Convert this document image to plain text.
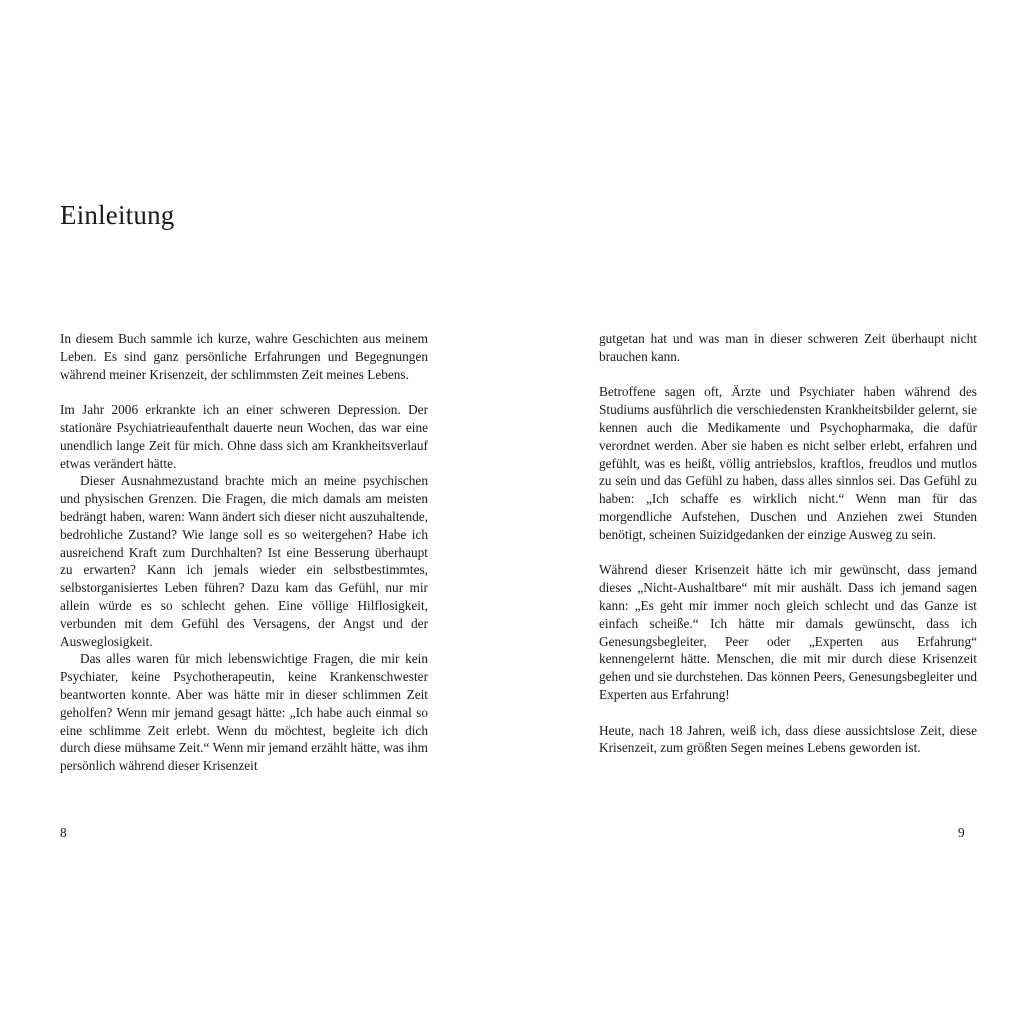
Einleitung

In diesem Buch sammle ich kurze, wahre Geschichten aus meinem Leben. Es sind ganz persönliche Erfahrungen und Begegnungen während meiner Krisenzeit, der schlimmsten Zeit meines Lebens.

Im Jahr 2006 erkrankte ich an einer schweren Depression. Der stationäre Psychiatrieaufenthalt dauerte neun Wochen, das war eine unendlich lange Zeit für mich. Ohne dass sich am Krankheitsverlauf etwas verändert hätte.

Dieser Ausnahmezustand brachte mich an meine psychischen und physischen Grenzen. Die Fragen, die mich damals am meisten bedrängt haben, waren: Wann ändert sich dieser nicht auszuhaltende, bedrohliche Zustand? Wie lange soll es so weitergehen? Habe ich ausreichend Kraft zum Durchhalten? Ist eine Besserung überhaupt zu erwarten? Kann ich jemals wieder ein selbstbestimmtes, selbstorganisiertes Leben führen? Dazu kam das Gefühl, nur mir allein würde es so schlecht gehen. Eine völlige Hilflosigkeit, verbunden mit dem Gefühl des Versagens, der Angst und der Ausweglosigkeit.

Das alles waren für mich lebenswichtige Fragen, die mir kein Psychiater, keine Psychotherapeutin, keine Krankenschwester beantworten konnte. Aber was hätte mir in dieser schlimmen Zeit geholfen? Wenn mir jemand gesagt hätte: „Ich habe auch einmal so eine schlimme Zeit erlebt. Wenn du möchtest, begleite ich dich durch diese mühsame Zeit.“ Wenn mir jemand erzählt hätte, was ihm persönlich während dieser Krisenzeit

8

gutgetan hat und was man in dieser schweren Zeit überhaupt nicht brauchen kann.

Betroffene sagen oft, Ärzte und Psychiater haben während des Studiums ausführlich die verschiedensten Krankheitsbilder gelernt, sie kennen auch die Medikamente und Psychopharmaka, die dafür verordnet werden. Aber sie haben es nicht selber erlebt, erfahren und gefühlt, was es heißt, völlig antriebslos, kraftlos, freudlos und mutlos zu sein und das Gefühl zu haben, dass alles sinnlos sei. Das Gefühl zu haben: „Ich schaffe es wirklich nicht.“ Wenn man für das morgendliche Aufstehen, Duschen und Anziehen zwei Stunden benötigt, scheinen Suizidgedanken der einzige Ausweg zu sein.

Während dieser Krisenzeit hätte ich mir gewünscht, dass jemand dieses „Nicht-Aushaltbare“ mit mir aushält. Dass ich jemand sagen kann: „Es geht mir immer noch gleich schlecht und das Ganze ist einfach scheiße.“ Ich hätte mir damals gewünscht, dass ich Genesungsbegleiter, Peer oder „Experten aus Erfahrung“ kennengelernt hätte. Menschen, die mit mir durch diese Krisenzeit gehen und sie durchstehen. Das können Peers, Genesungsbegleiter und Experten aus Erfahrung!

Heute, nach 18 Jahren, weiß ich, dass diese aussichtslose Zeit, diese Krisenzeit, zum größten Segen meines Lebens geworden ist.

9
